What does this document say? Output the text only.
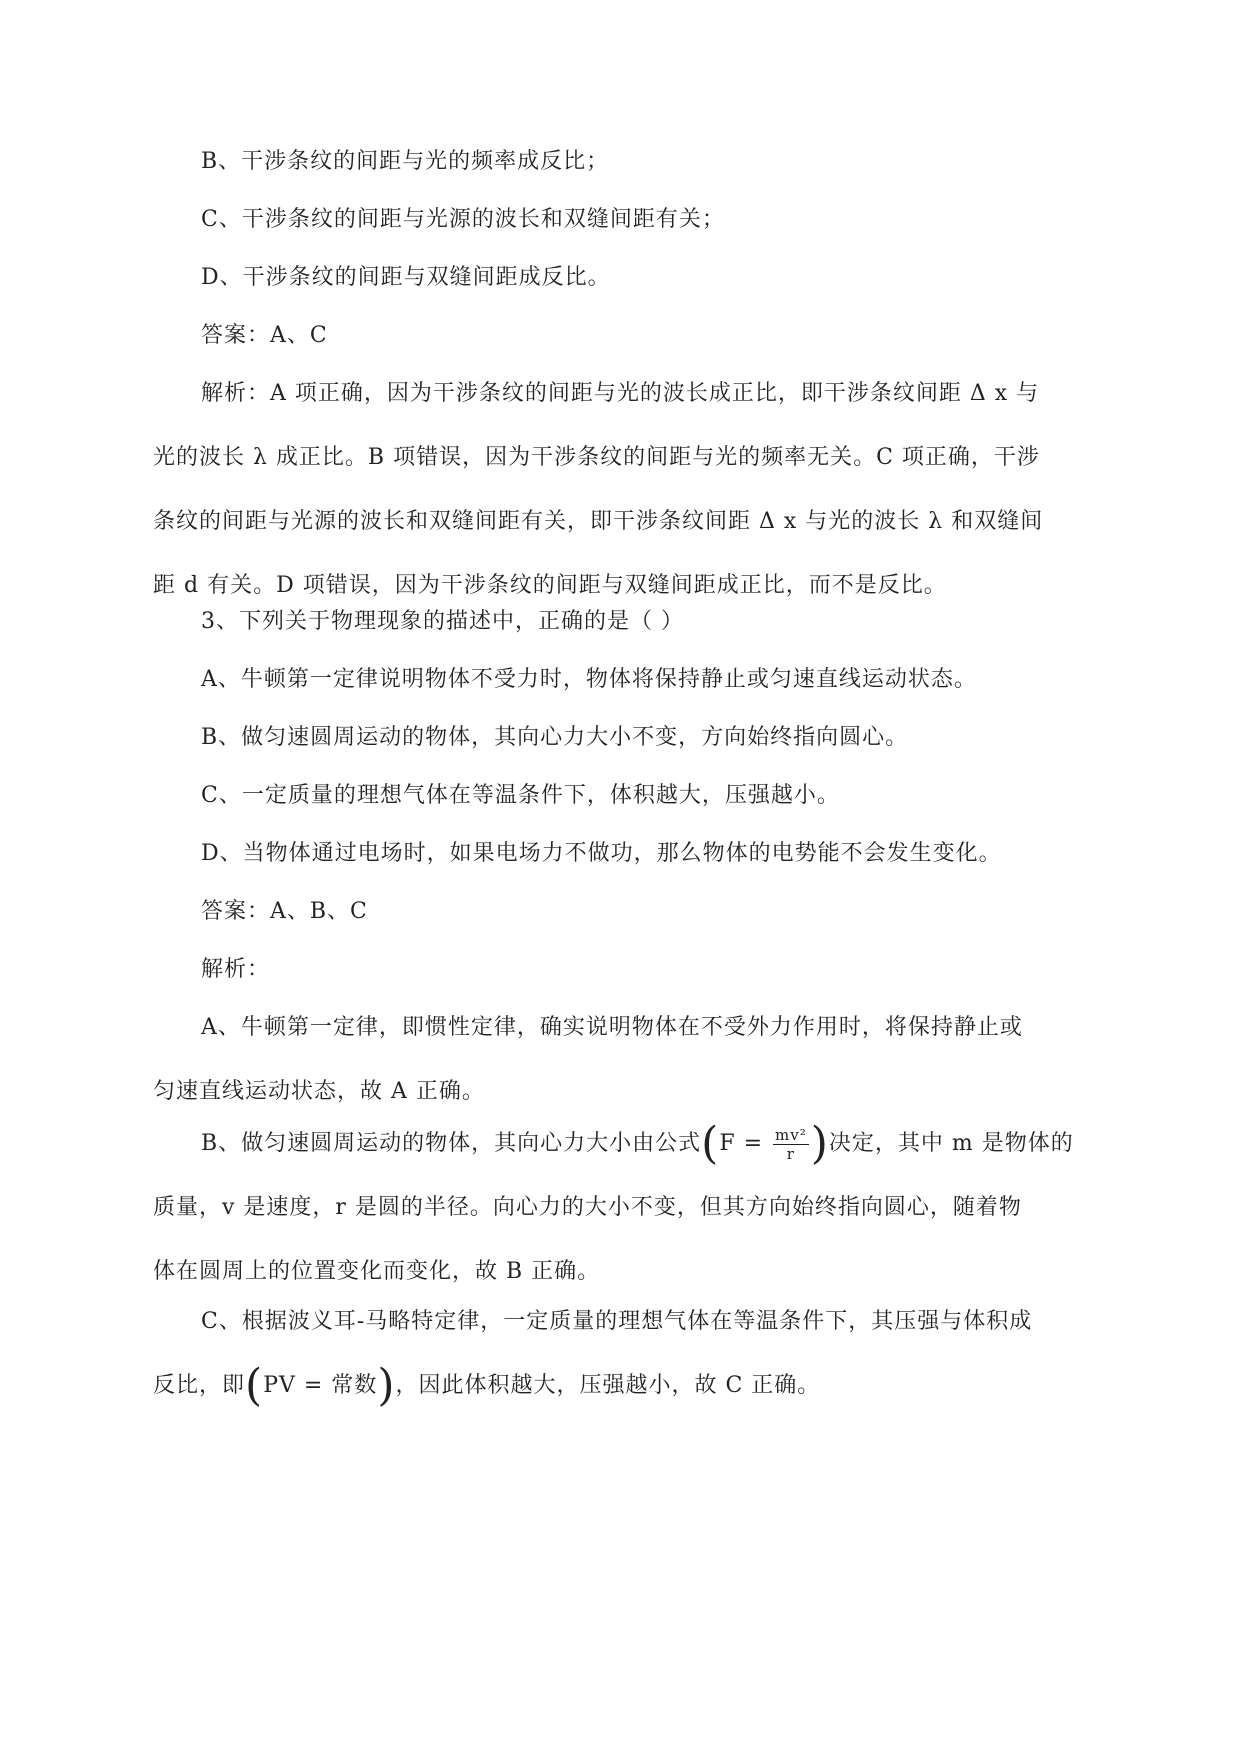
B、干涉条纹的间距与光的频率成反比；
C、干涉条纹的间距与光源的波长和双缝间距有关；
D、干涉条纹的间距与双缝间距成反比。
答案：A、C
解析：A 项正确，因为干涉条纹的间距与光的波长成正比，即干涉条纹间距 Δ x 与
光的波长 λ 成正比。B 项错误，因为干涉条纹的间距与光的频率无关。C 项正确，干涉
条纹的间距与光源的波长和双缝间距有关，即干涉条纹间距 Δ x 与光的波长 λ 和双缝间
距 d 有关。D 项错误，因为干涉条纹的间距与双缝间距成正比，而不是反比。
3、下列关于物理现象的描述中，正确的是（ ）
A、牛顿第一定律说明物体不受力时，物体将保持静止或匀速直线运动状态。
B、做匀速圆周运动的物体，其向心力大小不变，方向始终指向圆心。
C、一定质量的理想气体在等温条件下，体积越大，压强越小。
D、当物体通过电场时，如果电场力不做功，那么物体的电势能不会发生变化。
答案：A、B、C
解析：
A、牛顿第一定律，即惯性定律，确实说明物体在不受外力作用时，将保持静止或
匀速直线运动状态，故 A 正确。
B、做匀速圆周运动的物体，其向心力大小由公式($F = \frac{\text{mv²}}{r}$ )决定，其中 m 是物体的
质量，v 是速度，r 是圆的半径。向心力的大小不变，但其方向始终指向圆心，随着物
体在圆周上的位置变化而变化，故 B 正确。
C、根据波义耳-马略特定律，一定质量的理想气体在等温条件下，其压强与体积成
反比，即(PV = 常数)，因此体积越大，压强越小，故 C 正确。
